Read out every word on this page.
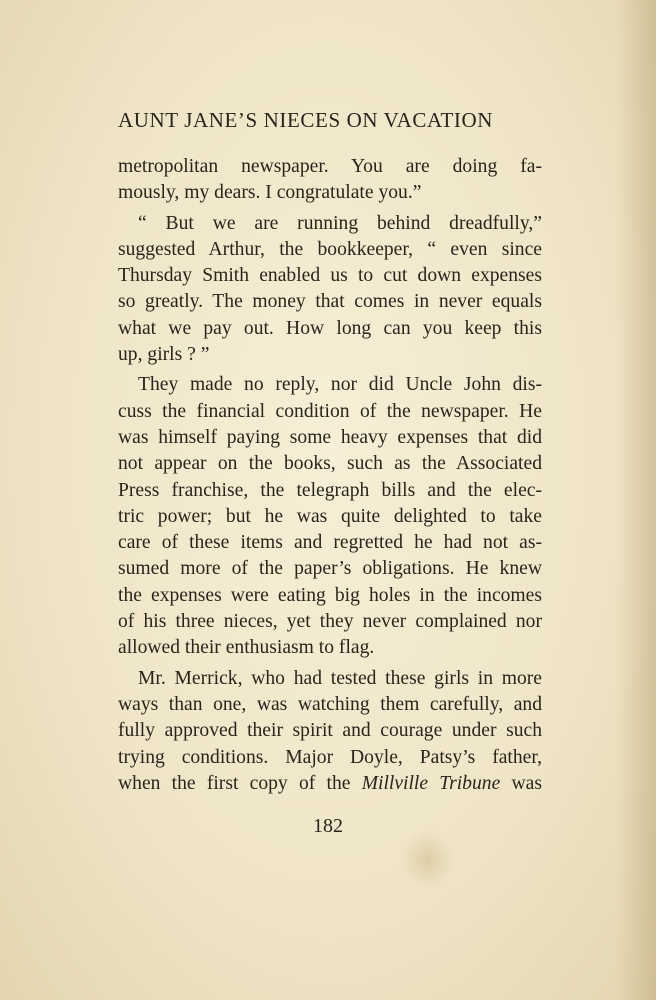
AUNT JANE’S NIECES ON VACATION
metropolitan newspaper. You are doing fa-
mously, my dears. I congratulate you.”
“ But we are running behind dreadfully,”
suggested Arthur, the bookkeeper, “ even since
Thursday Smith enabled us to cut down expenses
so greatly. The money that comes in never equals
what we pay out. How long can you keep this
up, girls ? ”
They made no reply, nor did Uncle John dis-
cuss the financial condition of the newspaper. He
was himself paying some heavy expenses that did
not appear on the books, such as the Associated
Press franchise, the telegraph bills and the elec-
tric power; but he was quite delighted to take
care of these items and regretted he had not as-
sumed more of the paper’s obligations. He knew
the expenses were eating big holes in the incomes
of his three nieces, yet they never complained nor
allowed their enthusiasm to flag.
Mr. Merrick, who had tested these girls in more
ways than one, was watching them carefully, and
fully approved their spirit and courage under such
trying conditions. Major Doyle, Patsy’s father,
when the first copy of the Millville Tribune was
182
